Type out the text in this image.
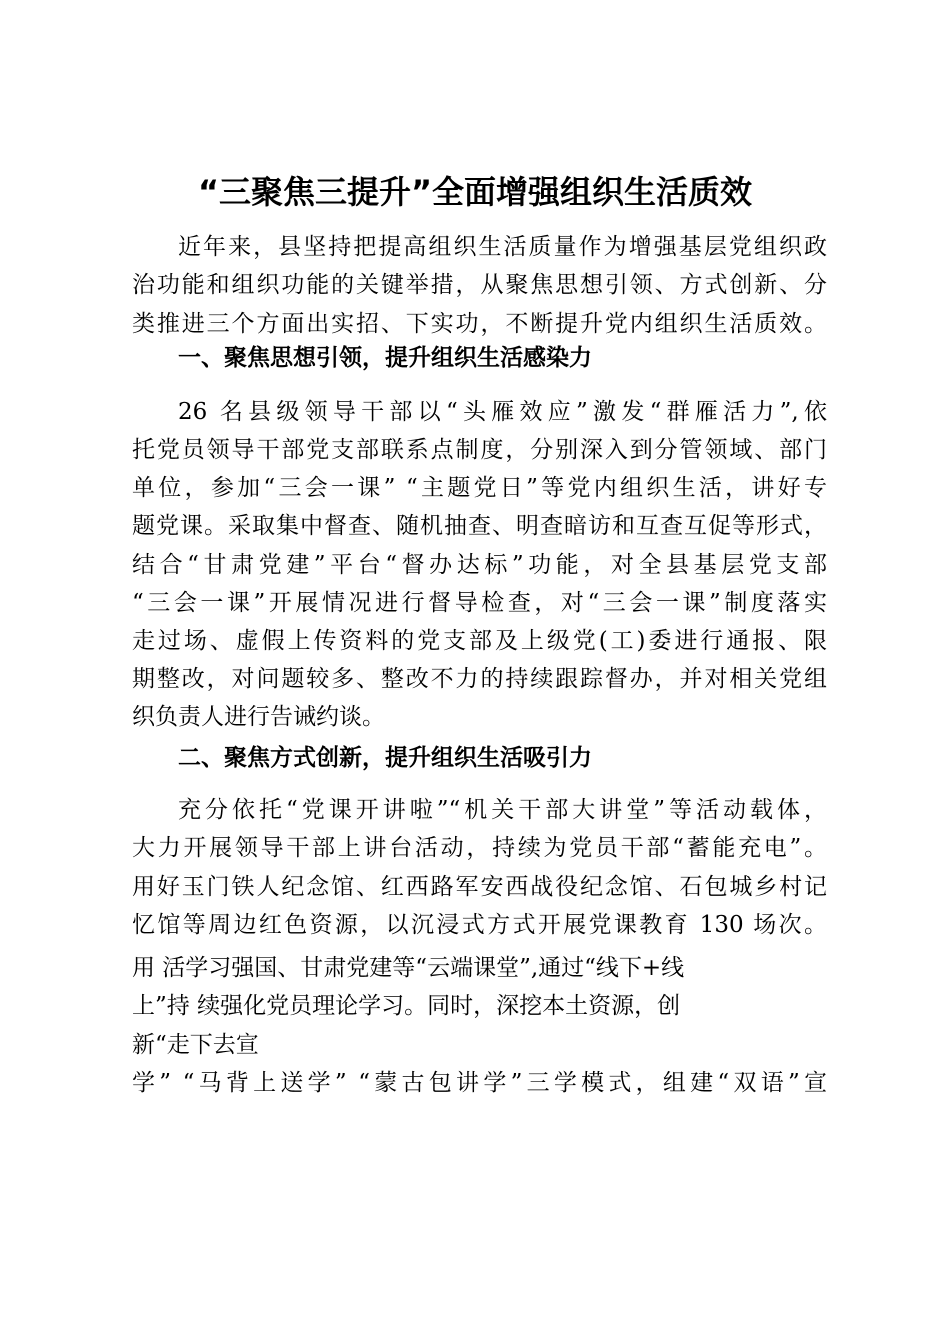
“三聚焦三提升”全面增强组织生活质效
近年来，县坚持把提高组织生活质量作为增强基层党组织政
治功能和组织功能的关键举措，从聚焦思想引领、方式创新、分
类推进三个方面出实招、下实功，不断提升党内组织生活质效。
一、聚焦思想引领，提升组织生活感染力
26 名县级领导干部以“头雁效应”激发“群雁活力”,依
托党员领导干部党支部联系点制度，分别深入到分管领域、部门
单位，参加“三会一课” “主题党日”等党内组织生活，讲好专
题党课。采取集中督查、随机抽查、明查暗访和互查互促等形式，
结合“甘肃党建”平台“督办达标”功能，对全县基层党支部
“三会一课”开展情况进行督导检查，对“三会一课”制度落实
走过场、虚假上传资料的党支部及上级党(工)委进行通报、限
期整改，对问题较多、整改不力的持续跟踪督办，并对相关党组
织负责人进行告诫约谈。
二、聚焦方式创新，提升组织生活吸引力
充分依托“党课开讲啦”“机关干部大讲堂”等活动载体，
大力开展领导干部上讲台活动，持续为党员干部“蓄能充电”。
用好玉门铁人纪念馆、红西路军安西战役纪念馆、石包城乡村记
忆馆等周边红色资源，以沉浸式方式开展党课教育 130 场次。
用 活学习强国、甘肃党建等“云端课堂”,通过“线下+线
上”持 续强化党员理论学习。同时，深挖本土资源，创
新“走下去宣
学” “马背上送学” “蒙古包讲学”三学模式，组建“双语”宣
